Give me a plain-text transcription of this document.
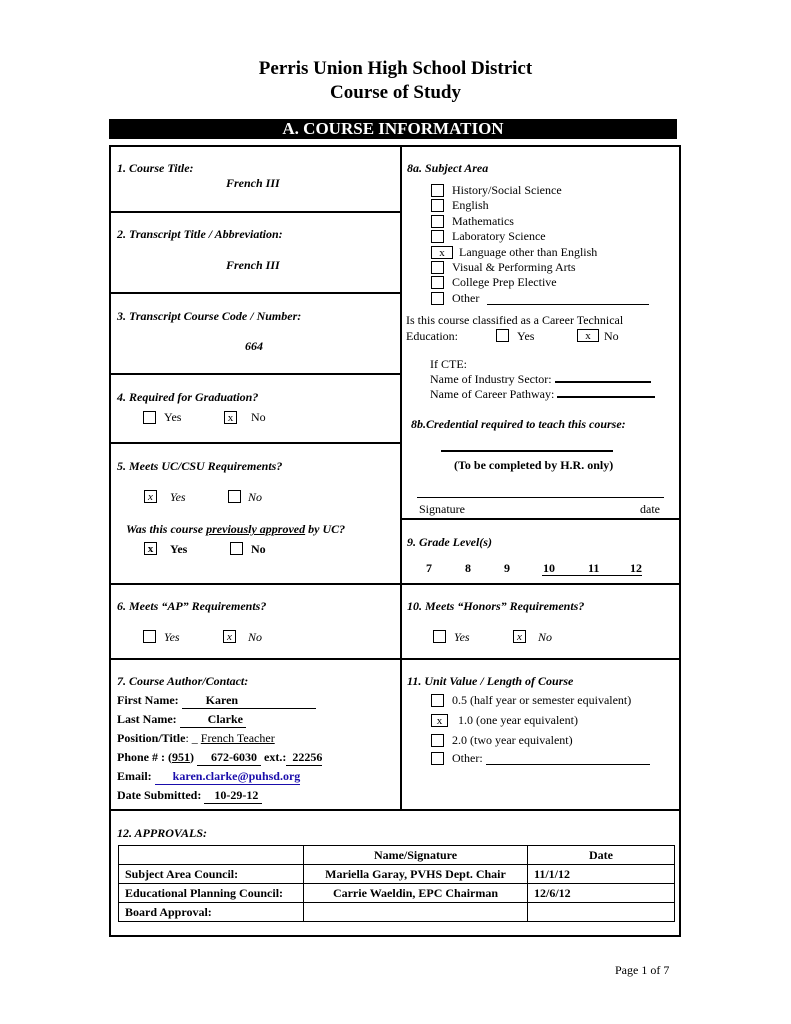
Perris Union High School District
Course of Study
A. COURSE INFORMATION
1. Course Title:
French III
2. Transcript Title / Abbreviation:
French III
3. Transcript Course Code / Number:
664
4. Required for Graduation?
Yes	x	No
5. Meets UC/CSU Requirements?
x	Yes	No
Was this course previously approved by UC?
x	Yes	No
6. Meets “AP” Requirements?
Yes	x	No
7. Course Author/Contact:
First Name: Karen
Last Name:	Clarke
Position/Title: _ French Teacher
Phone # : (951) 672-6030 ext.: 22256
Email: karen.clarke@puhsd.org
Date Submitted: 10-29-12
8a. Subject Area
History/Social Science
English
Mathematics
Laboratory Science
x	Language other than English
Visual & Performing Arts
College Prep Elective
Other
Is this course classified as a Career Technical
Education:	Yes	x	No
If CTE:
Name of Industry Sector:
Name of Career Pathway:
8b.Credential required to teach this course:
(To be completed by H.R. only)
Signature	date
9. Grade Level(s)
7	8	9	10	11	12
10. Meets “Honors” Requirements?
Yes	x	No
11. Unit Value / Length of Course
0.5 (half year or semester equivalent)
x	1.0 (one year equivalent)
2.0 (two year equivalent)
Other:
12. APPROVALS:
	Name/Signature	Date
Subject Area Council:	Mariella Garay, PVHS Dept. Chair	11/1/12
Educational Planning Council:	Carrie Waeldin, EPC Chairman	12/6/12
Board Approval:		
Page 1 of 7
